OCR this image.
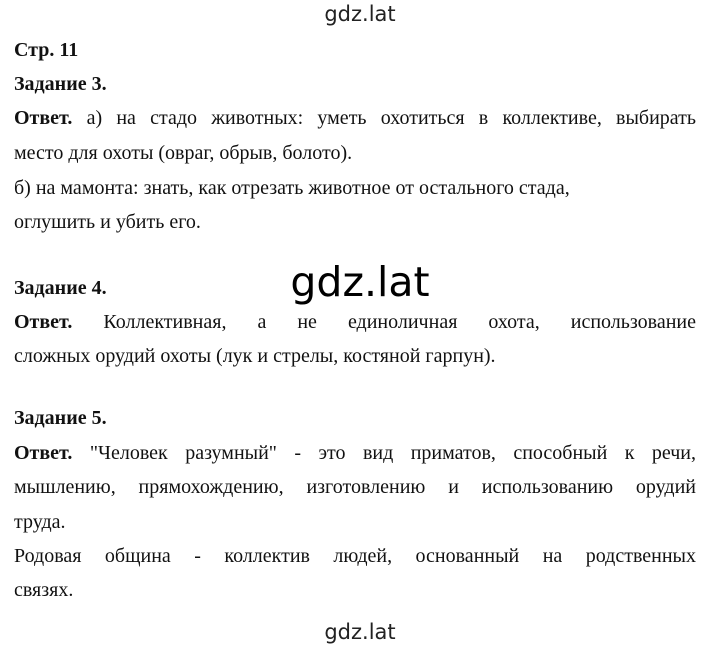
gdz.lat
Стр. 11
Задание 3.
Ответ. а) на стадо животных: уметь охотиться в коллективе, выбирать
место для охоты (овраг, обрыв, болото).
б) на мамонта: знать, как отрезать животное от остального стада,
оглушить и убить его.
gdz.lat
Задание 4.
Ответ. Коллективная, а не единоличная охота, использование
сложных орудий охоты (лук и стрелы, костяной гарпун).
Задание 5.
Ответ. "Человек разумный" - это вид приматов, способный к речи,
мышлению, прямохождению, изготовлению и использованию орудий
труда.
Родовая община - коллектив людей, основанный на родственных
связях.
gdz.lat
